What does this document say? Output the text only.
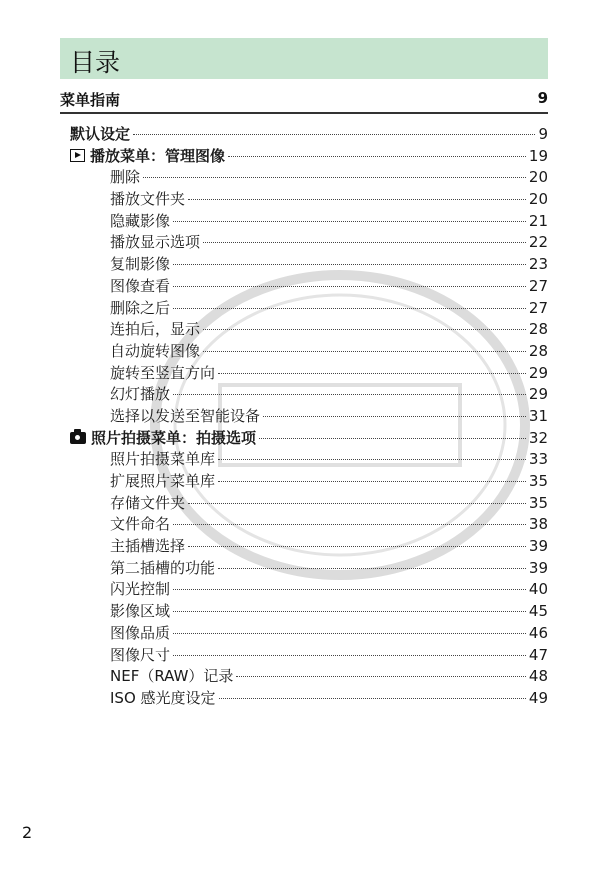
目录
菜单指南	9
默认设定	9
播放菜单：管理图像	19
删除	20
播放文件夹	20
隐藏影像	21
播放显示选项	22
复制影像	23
图像查看	27
删除之后	27
连拍后，显示	28
自动旋转图像	28
旋转至竖直方向	29
幻灯播放	29
选择以发送至智能设备	31
照片拍摄菜单：拍摄选项	32
照片拍摄菜单库	33
扩展照片菜单库	35
存储文件夹	35
文件命名	38
主插槽选择	39
第二插槽的功能	39
闪光控制	40
影像区域	45
图像品质	46
图像尺寸	47
NEF（RAW）记录	48
ISO 感光度设定	49
2
